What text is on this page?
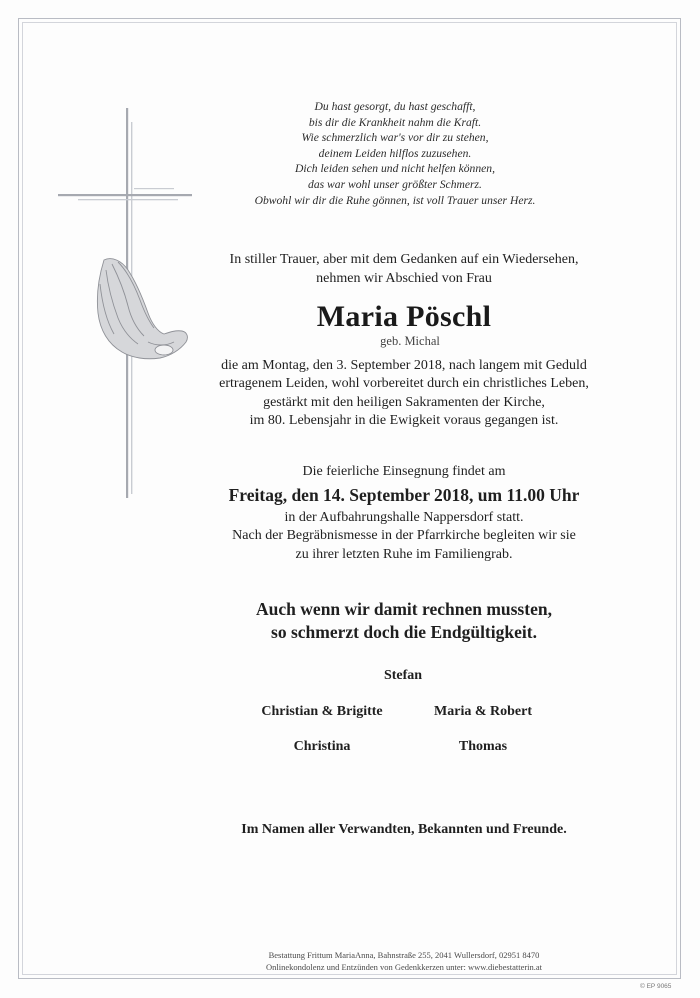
Du hast gesorgt, du hast geschafft,
bis dir die Krankheit nahm die Kraft.
Wie schmerzlich war's vor dir zu stehen,
deinem Leiden hilflos zuzusehen.
Dich leiden sehen und nicht helfen können,
das war wohl unser größter Schmerz.
Obwohl wir dir die Ruhe gönnen, ist voll Trauer unser Herz.
In stiller Trauer, aber mit dem Gedanken auf ein Wiedersehen,
nehmen wir Abschied von Frau
Maria Pöschl
geb. Michal
die am Montag, den 3. September 2018, nach langem mit Geduld
ertragenem Leiden, wohl vorbereitet durch ein christliches Leben,
gestärkt mit den heiligen Sakramenten der Kirche,
im 80. Lebensjahr in die Ewigkeit voraus gegangen ist.
Die feierliche Einsegnung findet am
Freitag, den 14. September 2018, um 11.00 Uhr
in der Aufbahrungshalle Nappersdorf statt.
Nach der Begräbnismesse in der Pfarrkirche begleiten wir sie
zu ihrer letzten Ruhe im Familiengrab.
Auch wenn wir damit rechnen mussten,
so schmerzt doch die Endgültigkeit.
Stefan
Christian & Brigitte	Maria & Robert
Christina	Thomas
Im Namen aller Verwandten, Bekannten und Freunde.
Bestattung Frittum MariaAnna, Bahnstraße 255, 2041 Wullersdorf, 02951 8470
Onlinekondolenz und Entzünden von Gedenkkerzen unter: www.diebestatterin.at
© EP 9065
